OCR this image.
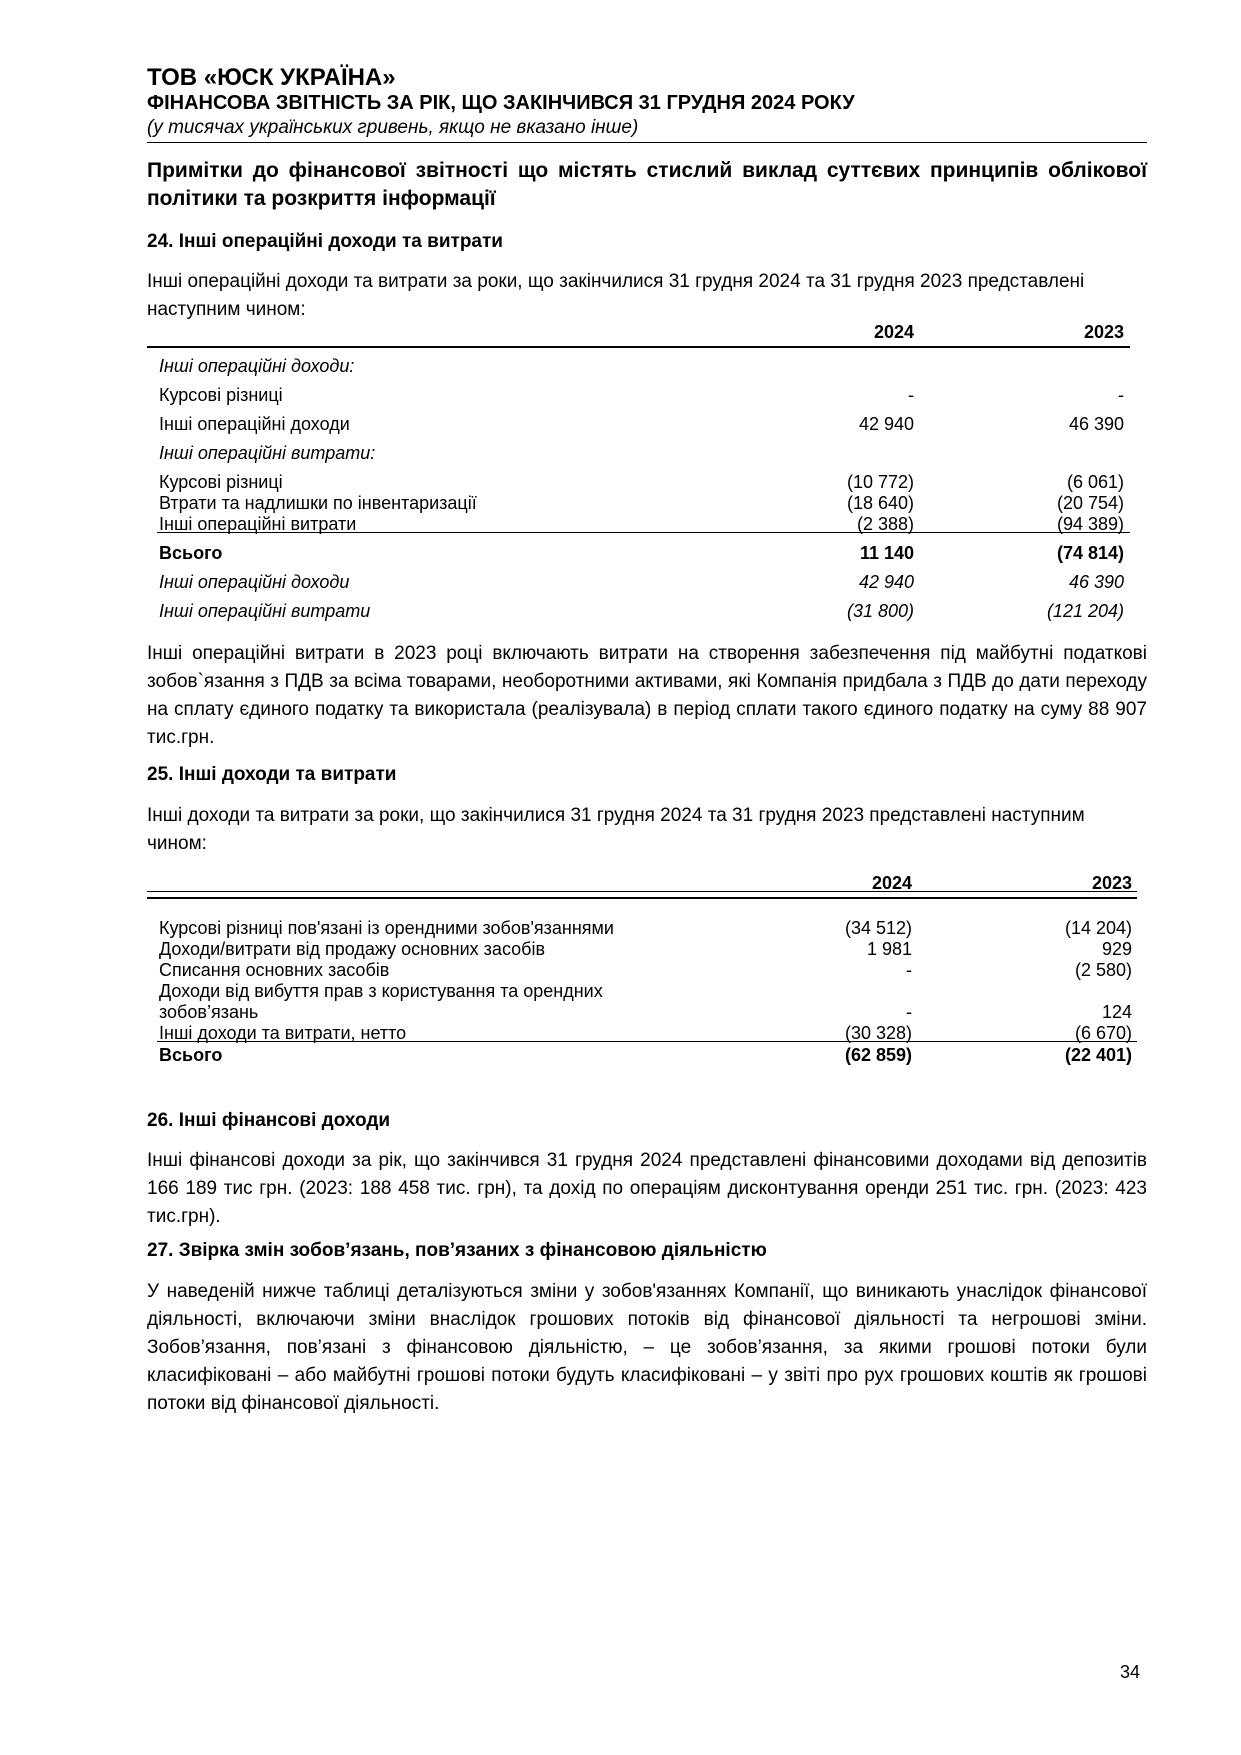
ТОВ «ЮСК УКРАЇНА»

ФІНАНСОВА ЗВІТНІСТЬ ЗА РІК, ЩО ЗАКІНЧИВСЯ 31 ГРУДНЯ 2024 РОКУ

(у тисячах українських гривень, якщо не вказано інше)

Примітки до фінансової звітності що містять стислий виклад суттєвих принципів облікової політики та розкриття інформації

24. Інші операційні доходи та витрати

Інші операційні доходи та витрати за роки, що закінчилися 31 грудня 2024 та 31 грудня 2023 представлені наступним чином:

2024	2023
Інші операційні доходи:
Курсові різниці	-	-
Інші операційні доходи	42 940	46 390
Інші операційні витрати:
Курсові різниці	(10 772)	(6 061)
Втрати та надлишки по інвентаризації	(18 640)	(20 754)
Інші операційні витрати	(2 388)	(94 389)
Всього	11 140	(74 814)
Інші операційні доходи	42 940	46 390
Інші операційні витрати	(31 800)	(121 204)

Інші операційні витрати в 2023 році включають витрати на створення забезпечення під майбутні податкові зобов`язання з ПДВ за всіма товарами, необоротними активами, які Компанія придбала з ПДВ до дати переходу на сплату єдиного податку та використала (реалізувала) в період сплати такого єдиного податку на суму 88 907 тис.грн.

25. Інші доходи та витрати

Інші доходи та витрати за роки, що закінчилися 31 грудня 2024 та 31 грудня 2023 представлені наступним чином:

2024	2023
Курсові різниці пов'язані із орендними зобов'язаннями	(34 512)	(14 204)
Доходи/витрати від продажу основних засобів	1 981	929
Списання основних засобів	-	(2 580)
Доходи від вибуття прав з користування та орендних
зобов’язань	-	124
Інші доходи та витрати, нетто	(30 328)	(6 670)
Всього	(62 859)	(22 401)

26. Інші фінансові доходи

Інші фінансові доходи за рік, що закінчився 31 грудня 2024 представлені фінансовими доходами від депозитів 166 189 тис грн. (2023: 188 458 тис. грн), та дохід по операціям дисконтування оренди 251 тис. грн. (2023: 423 тис.грн).

27. Звірка змін зобов’язань, пов’язаних з фінансовою діяльністю

У наведеній нижче таблиці деталізуються зміни у зобов'язаннях Компанії, що виникають унаслідок фінансової діяльності, включаючи зміни внаслідок грошових потоків від фінансової діяльності та негрошові зміни. Зобов’язання, пов’язані з фінансовою діяльністю, – це зобов’язання, за якими грошові потоки були класифіковані – або майбутні грошові потоки будуть класифіковані – у звіті про рух грошових коштів як грошові потоки від фінансової діяльності.

34
